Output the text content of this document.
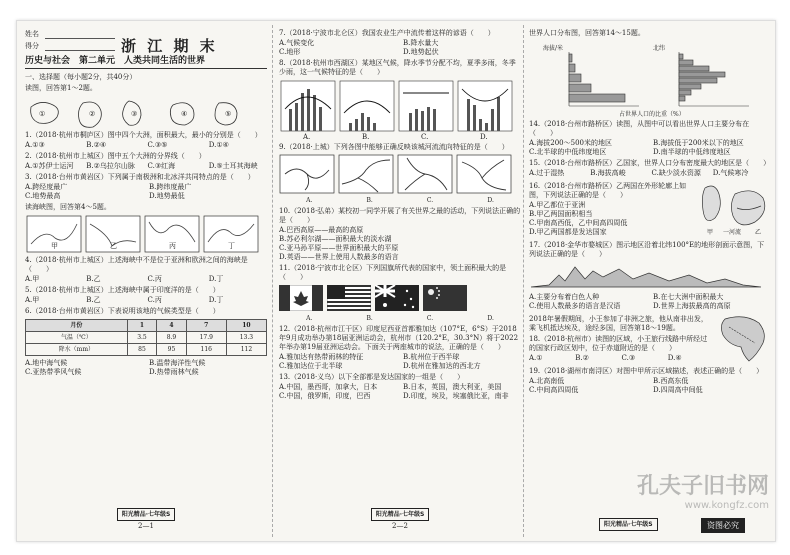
姓名
得分	浙 江 期 末
历史与社会　第二单元　人类共同生活的世界
一、选择题（每小题2分，共40分）
读图，回答第1～2题。
①	②	③	④	⑤
1.（2018·杭州市桐庐区）图中四个大洲，面积最大，最小的分别是（　　）
A.①③	B.②④	C.③⑤	D.①④
2.（2018·杭州市上城区）图中五个大洲的分界线（　　）
A.①苏伊士运河	B.②乌拉尔山脉	C.③红海	D.⑤土耳其海峡
3.（2018·台州市黄岩区）下列属于南极洲和北冰洋共同特点的是（　　）
A.跨经度最广	B.跨纬度最广
C.地势最高	D.地势最低
读海峡图，回答第4～5题。
甲	乙	丙	丁
4.（2018·杭州市上城区）上述海峡中不是位于亚洲和欧洲之间的海峡是（　　）
A.甲	B.乙	C.丙	D.丁
5.（2018·杭州市上城区）上述海峡中属于印度洋的是（　　）
A.甲	B.乙	C.丙	D.丁
6.（2018·台州市黄岩区）下表说明该地的气候类型是（　　）
月份	1	4	7	10
气温（℃）	3.5	8.9	17.9	13.3
降水（mm）	85	95	116	112
A.地中海气候	B.温带海洋性气候
C.亚热带季风气候	D.热带雨林气候
阳光精品·七年级S
2—1
7.（2018·宁波市北仑区）我国农业生产中流传着这样的谚语（　　）
A.气候变化	B.降水量大
C.地形	D.地势起伏
8.（2018·杭州市西湖区）某地区气候，降水季节分配不均，夏季多雨，冬季少雨，这一气候特征的是（　　）
A.	B.	C.	D.
9.（2018·上城）下列各图中能够正确反映该城河流流向特征的是（　　）
A.	B.	C.	D.
10.（2018·弘弟）某校初一同学开展了有关世界之最的活动，下列说法正确的是（　　）
A.巴西高原——最高的高原
B.苏必利尔湖——面积最大的淡水湖
C.亚马孙平原——世界面积最大的平原
D.英语——世界上使用人数最多的语言
11.（2018·宁波市北仑区）下列国旗所代表的国家中，领土面积最大的是（　　）
A.	B.	C.	D.
12.（2018·杭州市江干区）印度尼西亚首都雅加达（107°E，6°S）于2018年9月成功举办第18届亚洲运动会，杭州市（120.2°E，30.3°N）将于2022年举办第19届亚洲运动会。下面关于两座城市的说法，正确的是（　　）
A.雅加达有热带雨林的特征	B.杭州位于西半球
C.雅加达位于北半球	D.杭州在雅加达的西北方
13.（2018·义乌）以下全部都是发达国家的一组是（　　）
A.中国，墨西哥，加拿大，日本	B.日本，英国，澳大利亚，美国
C.中国，俄罗斯，印度，巴西	D.印度，埃及，埃塞俄比亚，南非
阳光精品·七年级S
2—2
世界人口分布图，回答第14～15题。
海拔/米	北纬
占世界人口的比重（%）
14.（2018·台州市路桥区）读图，从图中可以看出世界人口主要分布在（　　）
A.海拔200～500米的地区	B.海拔低于200米以下的地区
C.北半球的中低纬度地区	D.南半球的中低纬度地区
15.（2018·台州市路桥区）乙国家，世界人口分布密度最大的地区是（　　）
A.过于湿热	B.海拔高峻	C.缺少淡水资源	D.气候寒冷
16.（2018·台州市路桥区）乙两国在外形轮廓上如图，下列说法正确的是（　　）
A.甲乙都位于亚洲
B.甲乙两国面积相当
C.甲南高西低，乙中间高四周低
D.甲乙两国都是发达国家	甲 一河流 乙
17.（2018·金华市婺城区）图示地区沿着北纬100°E的地形剖面示意图，下列说法正确的是（　　）
A.主要分布着白色人种	B.在七大洲中面积最大
C.使用人数最多的语言是汉语	D.世界上海拔最高的高原
2018年暑假期间，小王参加了非洲之旅，他从南非出发，乘飞机抵达埃及，途经多国，回答第18～19题。
18.（2018·杭州市）读图的区域，小王旅行线路中所经过的国家行政区划中，位于赤道附近的是（　　）
A.①	B.②	C.③	D.④
19.（2018·湖州市南浔区）对图中甲所示区域描述，表述正确的是（　　）
A.北高南低	B.西高东低
C.中间高四周低	D.四周高中间低
阳光精品·七年级S
孔夫子旧书网
www.kongfz.com
资图必究
